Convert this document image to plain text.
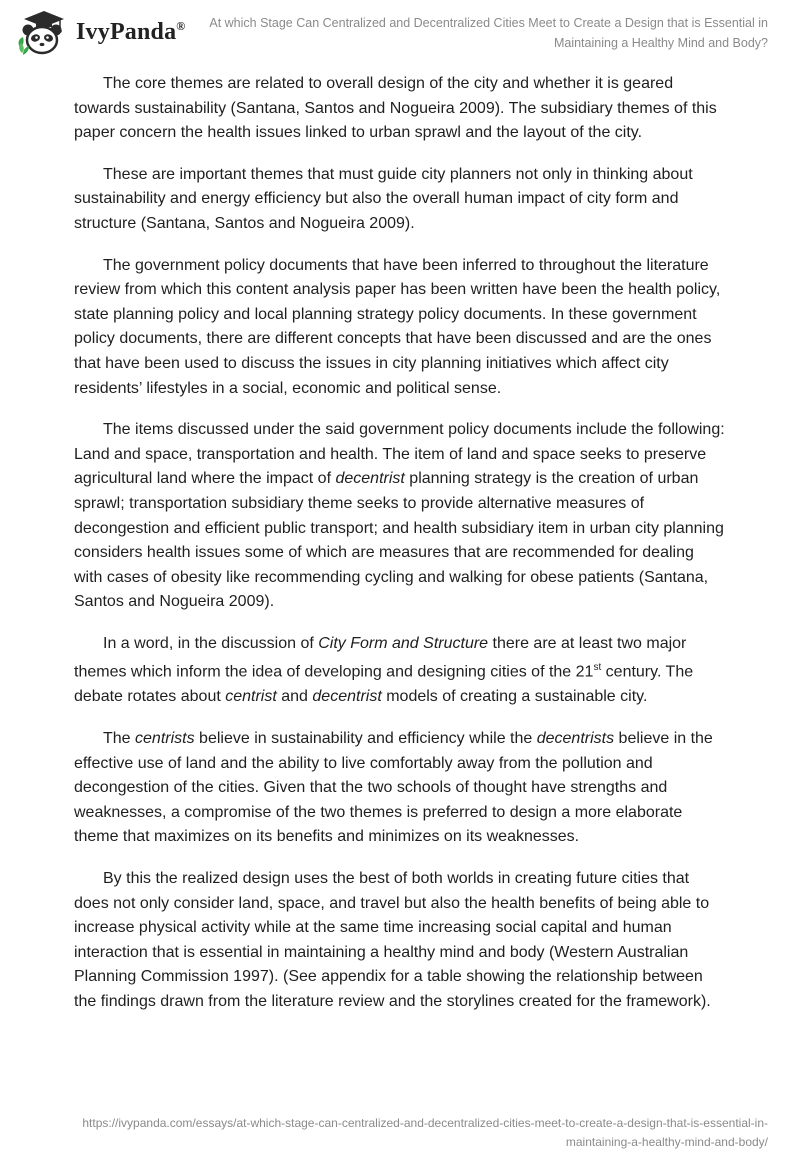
IvyPanda® At which Stage Can Centralized and Decentralized Cities Meet to Create a Design that is Essential in Maintaining a Healthy Mind and Body?

The core themes are related to overall design of the city and whether it is geared towards sustainability (Santana, Santos and Nogueira 2009). The subsidiary themes of this paper concern the health issues linked to urban sprawl and the layout of the city.

These are important themes that must guide city planners not only in thinking about sustainability and energy efficiency but also the overall human impact of city form and structure (Santana, Santos and Nogueira 2009).

The government policy documents that have been inferred to throughout the literature review from which this content analysis paper has been written have been the health policy, state planning policy and local planning strategy policy documents. In these government policy documents, there are different concepts that have been discussed and are the ones that have been used to discuss the issues in city planning initiatives which affect city residents’ lifestyles in a social, economic and political sense.

The items discussed under the said government policy documents include the following: Land and space, transportation and health. The item of land and space seeks to preserve agricultural land where the impact of decentrist planning strategy is the creation of urban sprawl; transportation subsidiary theme seeks to provide alternative measures of decongestion and efficient public transport; and health subsidiary item in urban city planning considers health issues some of which are measures that are recommended for dealing with cases of obesity like recommending cycling and walking for obese patients (Santana, Santos and Nogueira 2009).

In a word, in the discussion of City Form and Structure there are at least two major themes which inform the idea of developing and designing cities of the 21st century. The debate rotates about centrist and decentrist models of creating a sustainable city.

The centrists believe in sustainability and efficiency while the decentrists believe in the effective use of land and the ability to live comfortably away from the pollution and decongestion of the cities. Given that the two schools of thought have strengths and weaknesses, a compromise of the two themes is preferred to design a more elaborate theme that maximizes on its benefits and minimizes on its weaknesses.

By this the realized design uses the best of both worlds in creating future cities that does not only consider land, space, and travel but also the health benefits of being able to increase physical activity while at the same time increasing social capital and human interaction that is essential in maintaining a healthy mind and body (Western Australian Planning Commission 1997). (See appendix for a table showing the relationship between the findings drawn from the literature review and the storylines created for the framework).

https://ivypanda.com/essays/at-which-stage-can-centralized-and-decentralized-cities-meet-to-create-a-design-that-is-essential-in-maintaining-a-healthy-mind-and-body/
